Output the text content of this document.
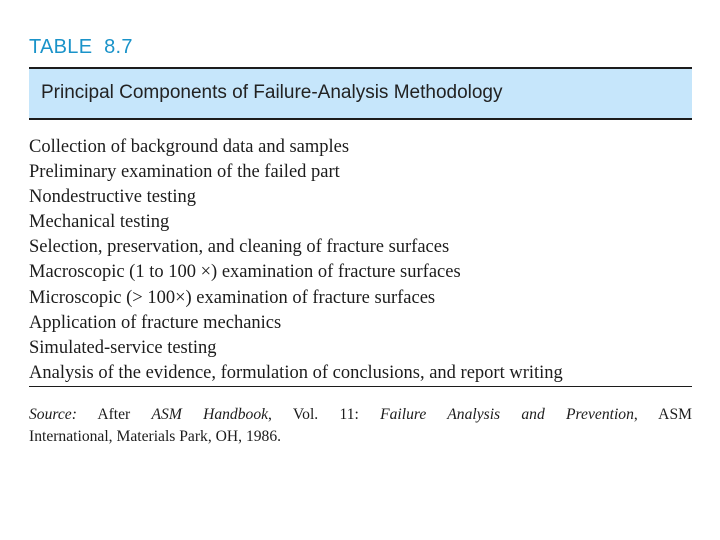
TABLE  8.7
Principal Components of Failure-Analysis Methodology
Collection of background data and samples
Preliminary examination of the failed part
Nondestructive testing
Mechanical testing
Selection, preservation, and cleaning of fracture surfaces
Macroscopic (1 to 100 ×) examination of fracture surfaces
Microscopic (> 100×) examination of fracture surfaces
Application of fracture mechanics
Simulated-service testing
Analysis of the evidence, formulation of conclusions, and report writing

Source: After ASM Handbook, Vol. 11: Failure Analysis and Prevention, ASM

International, Materials Park, OH, 1986.
